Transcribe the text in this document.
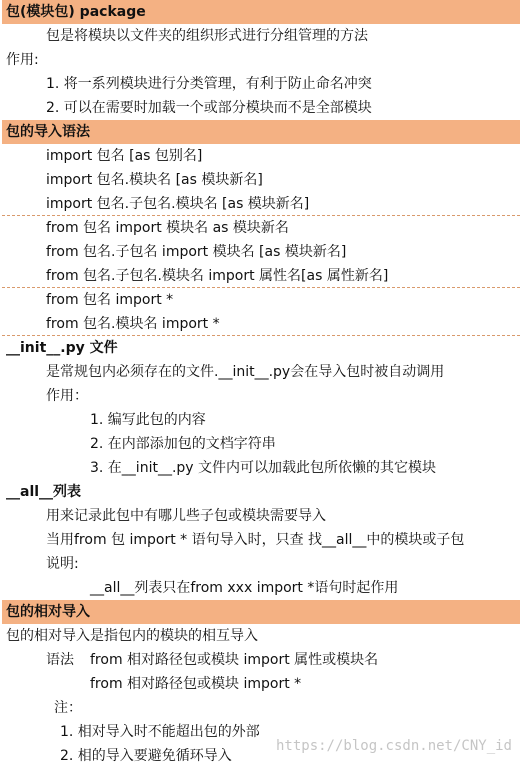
包(模块包) package
包是将模块以文件夹的组织形式进行分组管理的方法
作用:
1. 将一系列模块进行分类管理，有利于防止命名冲突
2. 可以在需要时加载一个或部分模块而不是全部模块
包的导入语法
import 包名 [as 包别名]
import 包名.模块名 [as 模块新名]
import 包名.子包名.模块名 [as 模块新名]
from 包名 import 模块名 as 模块新名
from 包名.子包名 import 模块名 [as 模块新名]
from 包名.子包名.模块名 import 属性名[as 属性新名]
from 包名 import *
from 包名.模块名 import *
__init__.py 文件
是常规包内必须存在的文件.__init__.py会在导入包时被自动调用
作用：
1. 编写此包的内容
2. 在内部添加包的文档字符串
3. 在__init__.py 文件内可以加载此包所依懒的其它模块
__all__列表
用来记录此包中有哪儿些子包或模块需要导入
当用from 包 import * 语句导入时，只查 找__all__中的模块或子包
说明:
__all__列表只在from xxx import *语句时起作用
包的相对导入
包的相对导入是指包内的模块的相互导入
语法 from 相对路径包或模块 import 属性或模块名
from 相对路径包或模块 import *
注：
1. 相对导入时不能超出包的外部
2. 相的导入要避免循环导入
https://blog.csdn.net/CNY_id
